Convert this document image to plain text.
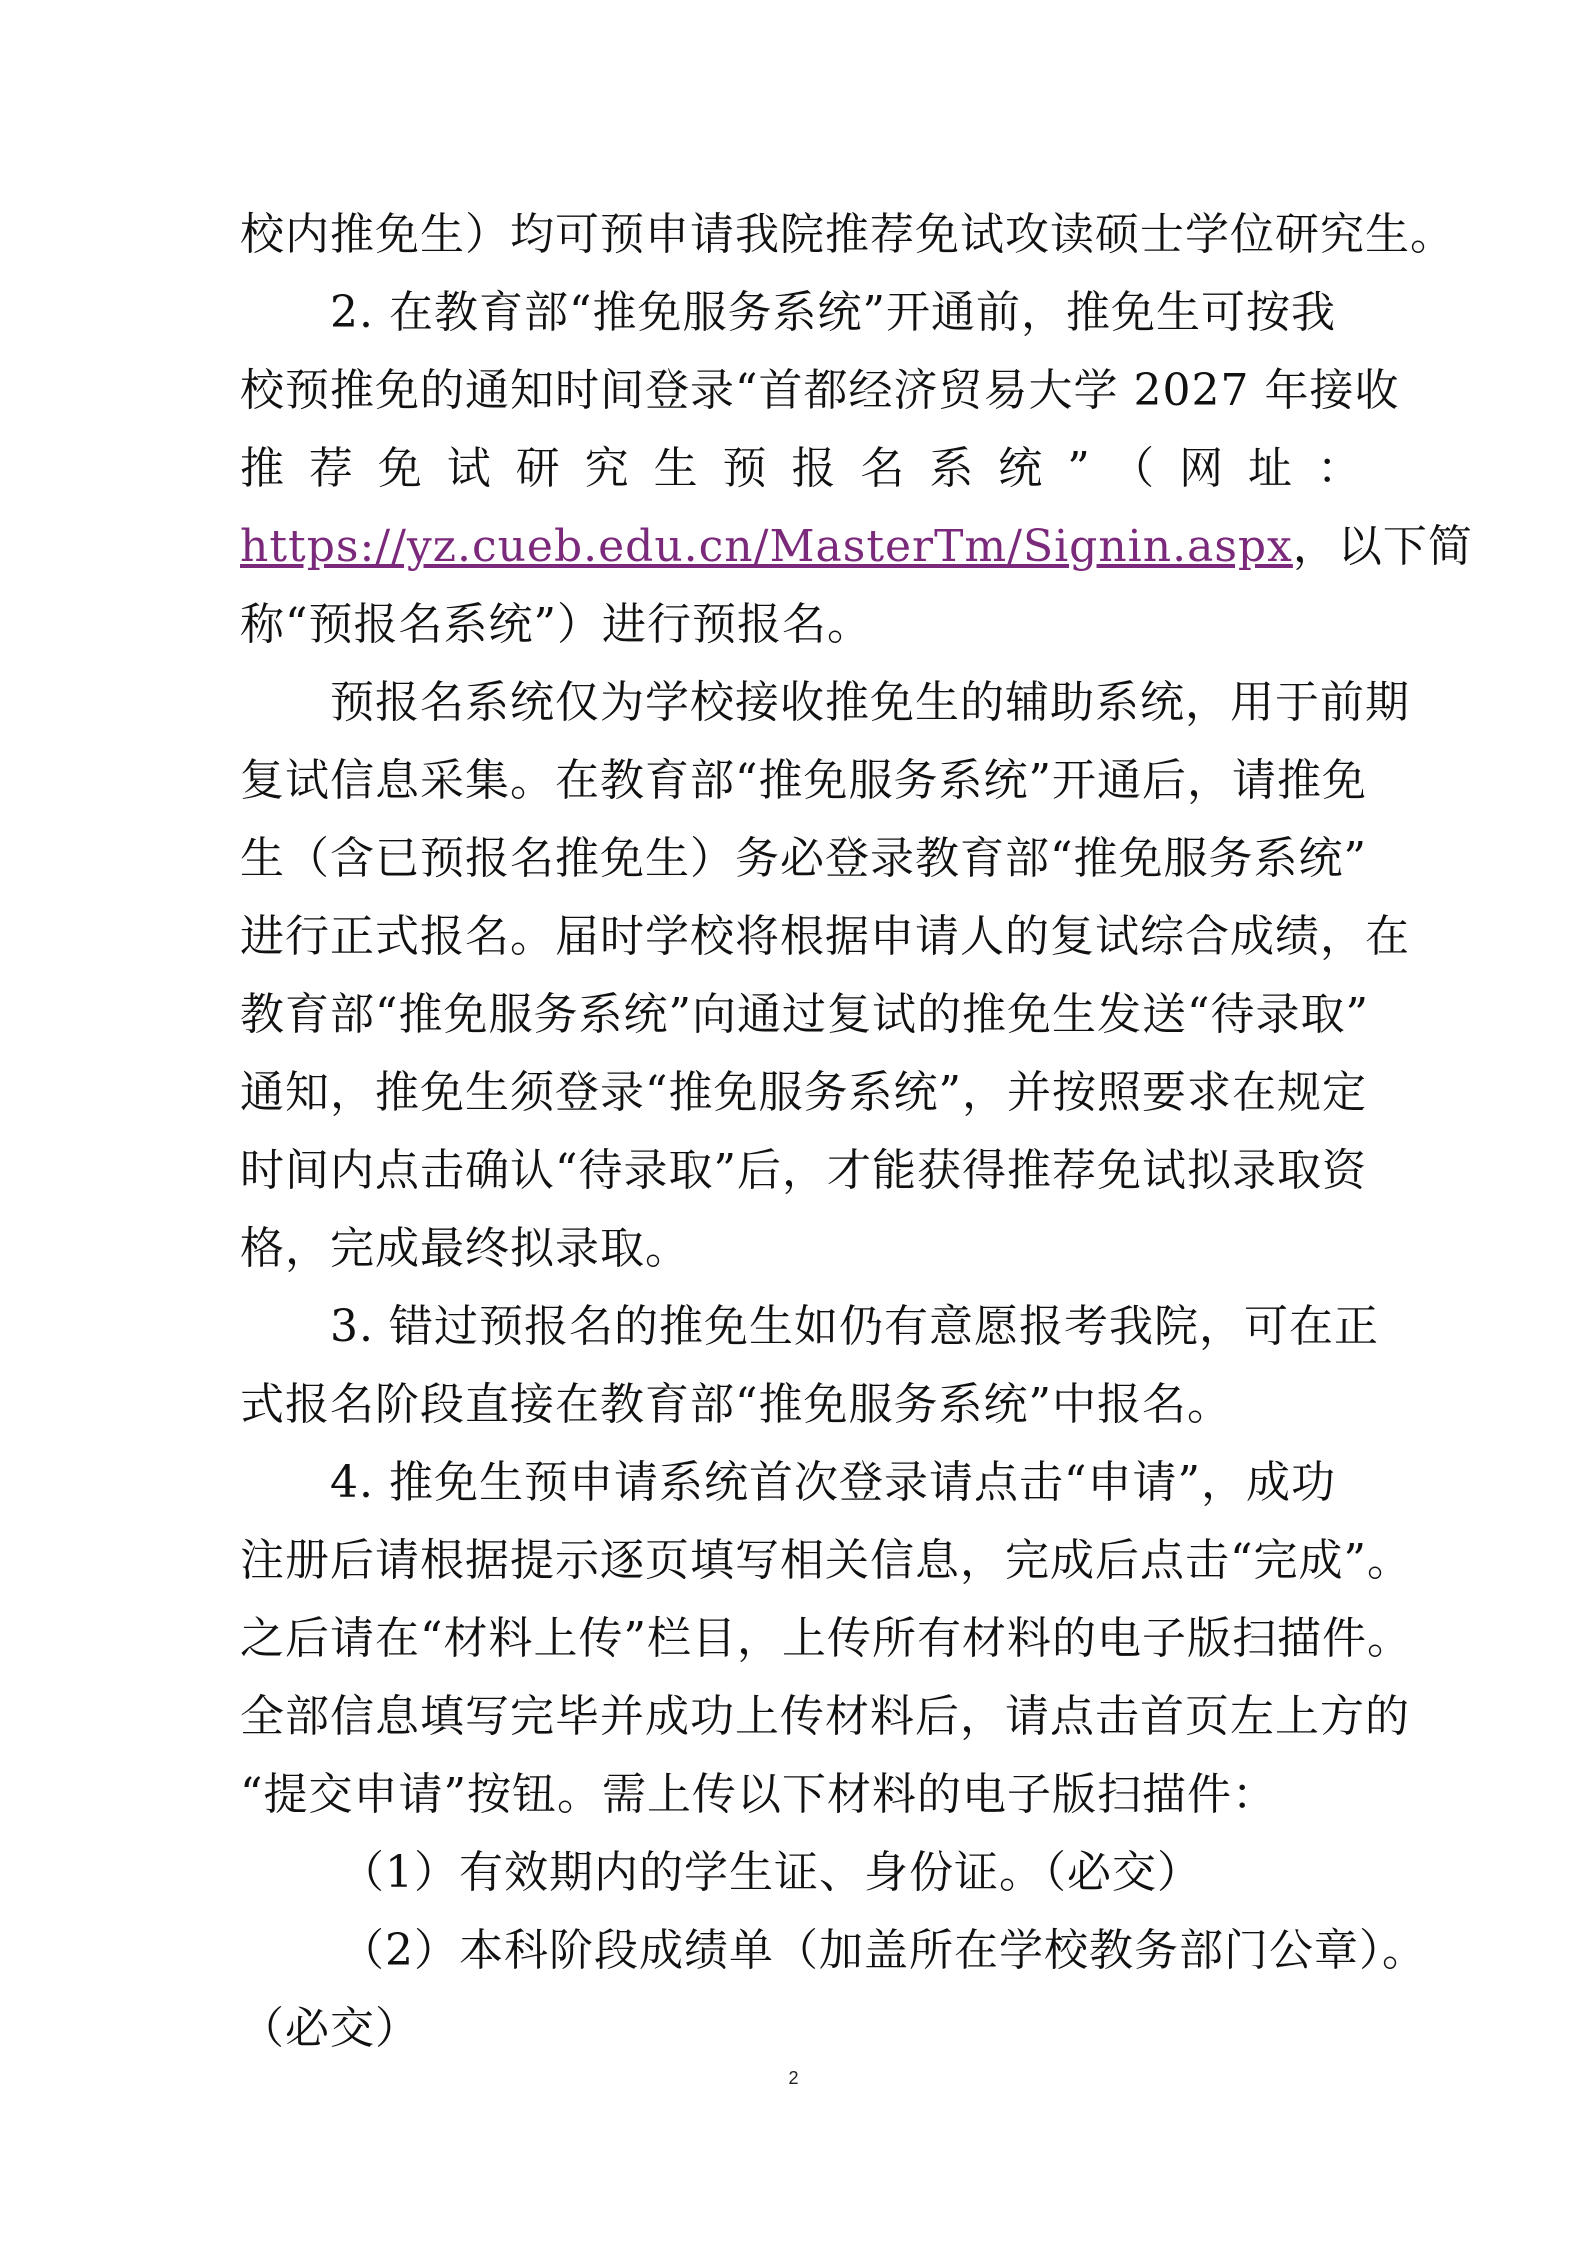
校内推免生）均可预申请我院推荐免试攻读硕士学位研究生。
2. 在教育部“推免服务系统”开通前，推免生可按我
校预推免的通知时间登录“首都经济贸易大学 2027 年接收
推 荐 免 试 研 究 生 预 报 名 系 统 ” （ 网 址 ：
https://yz.cueb.edu.cn/MasterTm/Signin.aspx，以下简
称“预报名系统”）进行预报名。
预报名系统仅为学校接收推免生的辅助系统，用于前期
复试信息采集。在教育部“推免服务系统”开通后，请推免
生（含已预报名推免生）务必登录教育部“推免服务系统”
进行正式报名。届时学校将根据申请人的复试综合成绩，在
教育部“推免服务系统”向通过复试的推免生发送“待录取”
通知，推免生须登录“推免服务系统”，并按照要求在规定
时间内点击确认“待录取”后，才能获得推荐免试拟录取资
格，完成最终拟录取。
3. 错过预报名的推免生如仍有意愿报考我院，可在正
式报名阶段直接在教育部“推免服务系统”中报名。
4. 推免生预申请系统首次登录请点击“申请”，成功
注册后请根据提示逐页填写相关信息，完成后点击“完成”。
之后请在“材料上传”栏目，上传所有材料的电子版扫描件。
全部信息填写完毕并成功上传材料后，请点击首页左上方的
“提交申请”按钮。需上传以下材料的电子版扫描件：
（1）有效期内的学生证、身份证。（必交）
（2）本科阶段成绩单（加盖所在学校教务部门公章）。
（必交）
2
